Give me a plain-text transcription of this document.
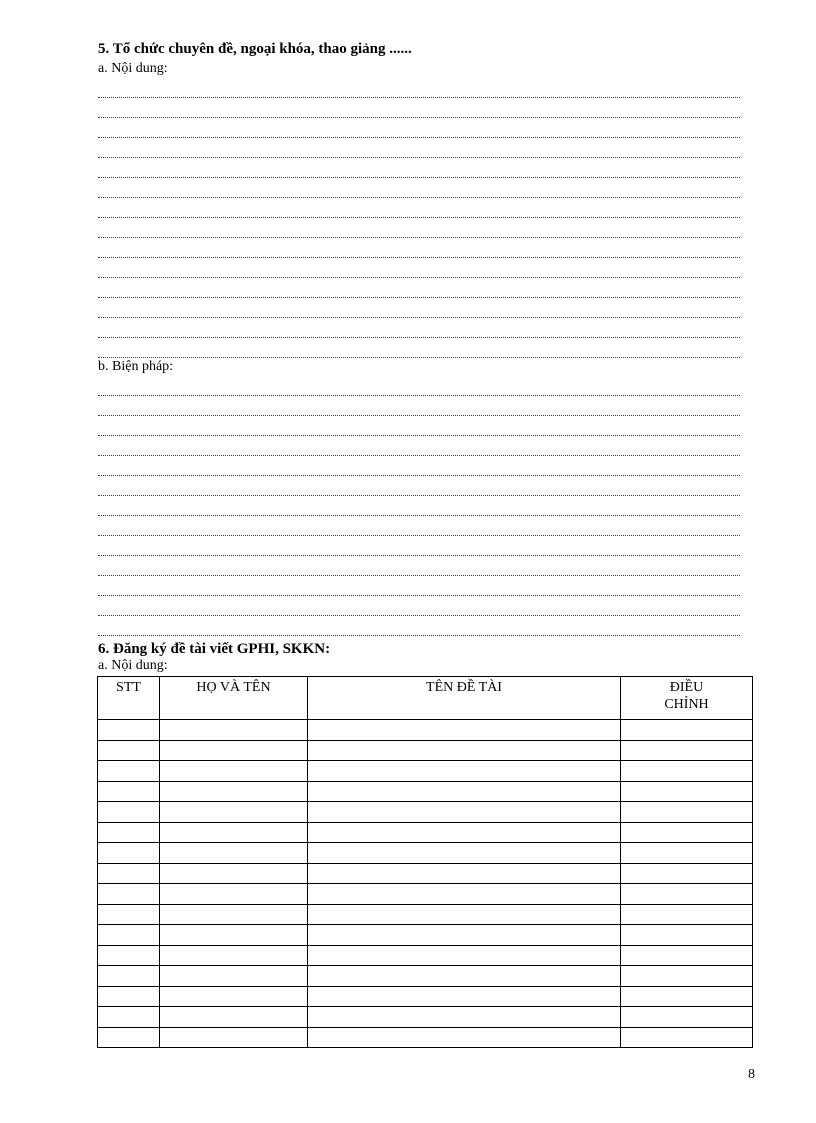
5. Tổ chức chuyên đề, ngoại khóa, thao giảng ......
a. Nội dung:
b. Biện pháp:
6. Đăng ký đề tài viết GPHI, SKKN:
a. Nội dung:
STT	HỌ VÀ TÊN	TÊN ĐỀ TÀI	ĐIỀU CHỈNH

8
